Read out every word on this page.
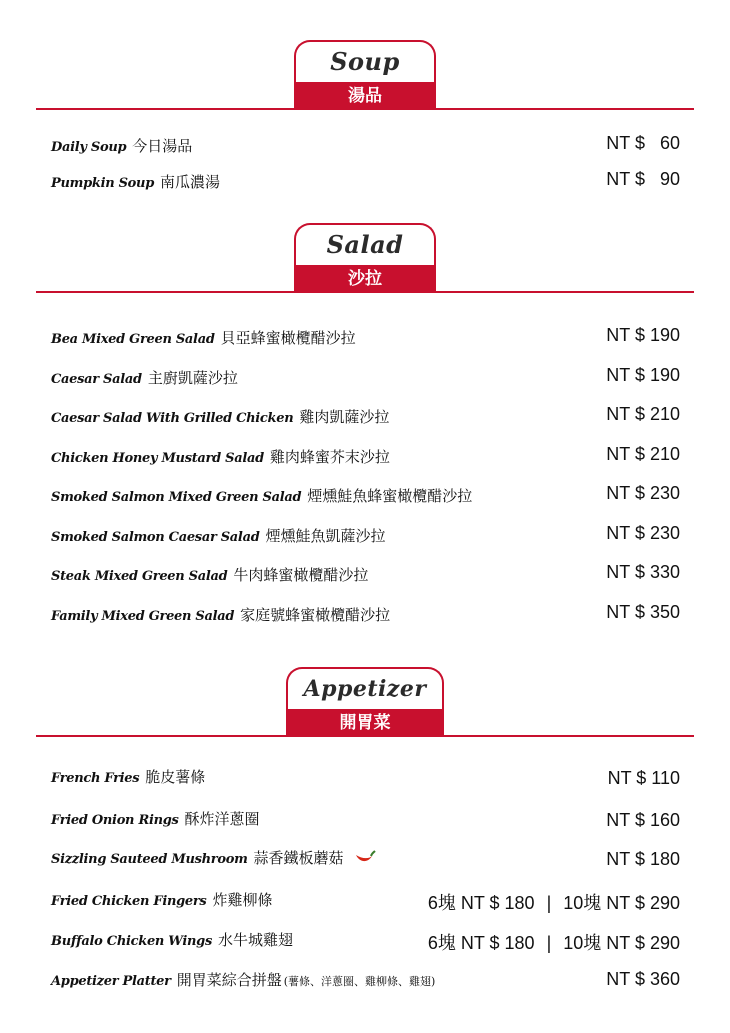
Soup
湯品
Daily Soup 今日湯品	NT $   60
Pumpkin Soup 南瓜濃湯	NT $   90
Salad
沙拉
Bea Mixed Green Salad 貝亞蜂蜜橄欖醋沙拉	NT $ 190
Caesar Salad 主廚凱薩沙拉	NT $ 190
Caesar Salad With Grilled Chicken 雞肉凱薩沙拉	NT $ 210
Chicken Honey Mustard Salad 雞肉蜂蜜芥末沙拉	NT $ 210
Smoked Salmon Mixed Green Salad 煙燻鮭魚蜂蜜橄欖醋沙拉	NT $ 230
Smoked Salmon Caesar Salad 煙燻鮭魚凱薩沙拉	NT $ 230
Steak Mixed Green Salad 牛肉蜂蜜橄欖醋沙拉	NT $ 330
Family Mixed Green Salad 家庭號蜂蜜橄欖醋沙拉	NT $ 350
Appetizer
開胃菜
French Fries 脆皮薯條	NT $ 110
Fried Onion Rings 酥炸洋蔥圈	NT $ 160
Sizzling Sauteed Mushroom 蒜香鐵板蘑菇	NT $ 180
Fried Chicken Fingers 炸雞柳條	6塊 NT $ 180 | 10塊 NT $ 290
Buffalo Chicken Wings 水牛城雞翅	6塊 NT $ 180 | 10塊 NT $ 290
Appetizer Platter 開胃菜綜合拼盤 (薯條、洋蔥圈、雞柳條、雞翅)	NT $ 360
